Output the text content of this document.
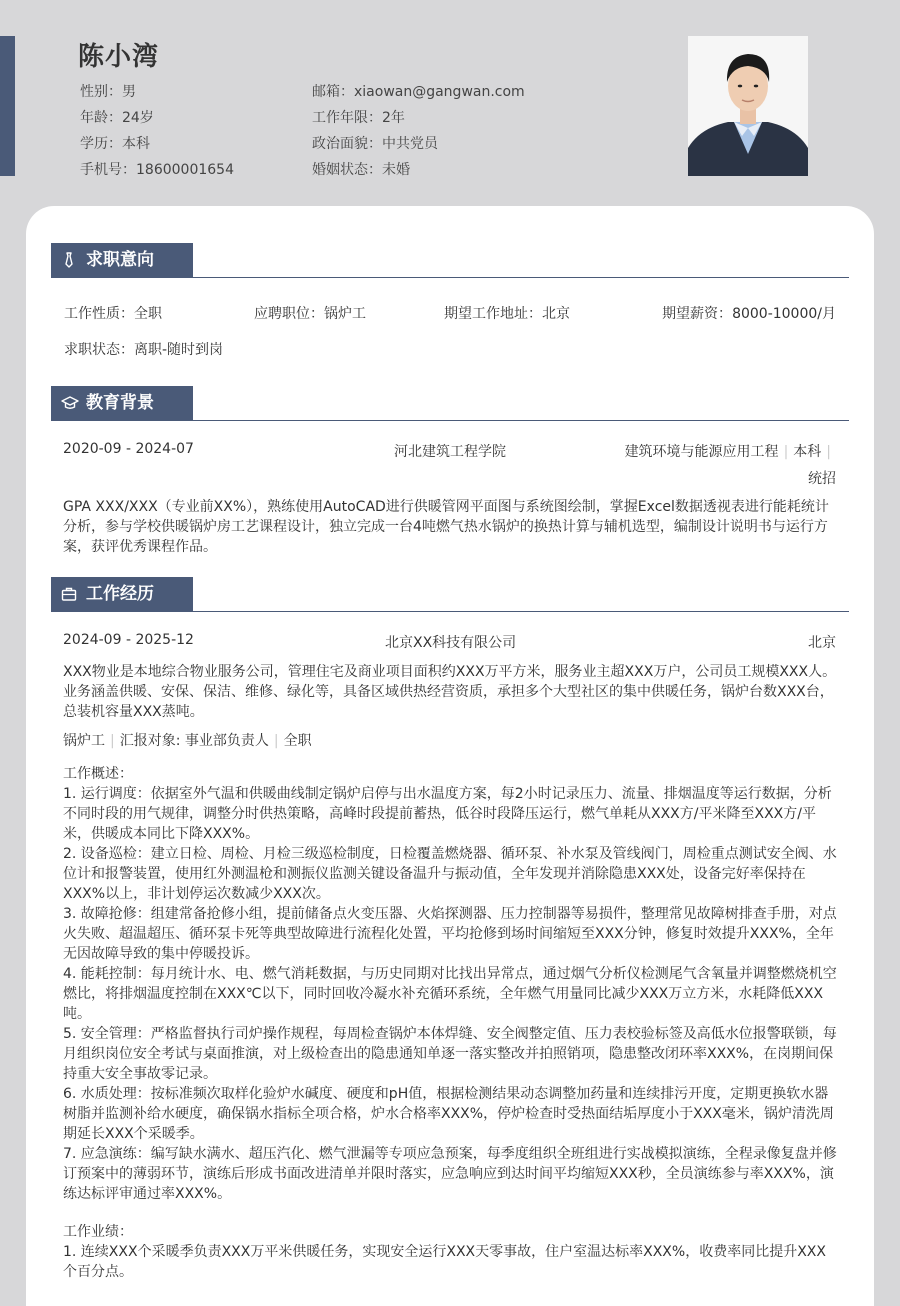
陈小湾
性别：男
年龄：24岁
学历：本科
手机号：18600001654
邮箱：xiaowan@gangwan.com
工作年限：2年
政治面貌：中共党员
婚姻状态：未婚
求职意向
工作性质：全职	应聘职位：锅炉工	期望工作地址：北京	期望薪资：8000-10000/月
求职状态：离职-随时到岗
教育背景
2020-09 - 2024-07	河北建筑工程学院	建筑环境与能源应用工程 | 本科 |
统招
GPA XXX/XXX（专业前XX%），熟练使用AutoCAD进行供暖管网平面图与系统图绘制，掌握Excel数据透视表进行能耗统计分析，参与学校供暖锅炉房工艺课程设计，独立完成一台4吨燃气热水锅炉的换热计算与辅机选型，编制设计说明书与运行方案，获评优秀课程作品。
工作经历
2024-09 - 2025-12	北京XX科技有限公司	北京
XXX物业是本地综合物业服务公司，管理住宅及商业项目面积约XXX万平方米，服务业主超XXX万户，公司员工规模XXX人。业务涵盖供暖、安保、保洁、维修、绿化等，具备区域供热经营资质，承担多个大型社区的集中供暖任务，锅炉台数XXX台，总装机容量XXX蒸吨。
锅炉工 | 汇报对象: 事业部负责人 | 全职
工作概述：
1. 运行调度：依据室外气温和供暖曲线制定锅炉启停与出水温度方案，每2小时记录压力、流量、排烟温度等运行数据，分析不同时段的用气规律，调整分时供热策略，高峰时段提前蓄热，低谷时段降压运行，燃气单耗从XXX方/平米降至XXX方/平米，供暖成本同比下降XXX%。
2. 设备巡检：建立日检、周检、月检三级巡检制度，日检覆盖燃烧器、循环泵、补水泵及管线阀门，周检重点测试安全阀、水位计和报警装置，使用红外测温枪和测振仪监测关键设备温升与振动值，全年发现并消除隐患XXX处，设备完好率保持在XXX%以上，非计划停运次数减少XXX次。
3. 故障抢修：组建常备抢修小组，提前储备点火变压器、火焰探测器、压力控制器等易损件，整理常见故障树排查手册，对点火失败、超温超压、循环泵卡死等典型故障进行流程化处置，平均抢修到场时间缩短至XXX分钟，修复时效提升XXX%，全年无因故障导致的集中停暖投诉。
4. 能耗控制：每月统计水、电、燃气消耗数据，与历史同期对比找出异常点，通过烟气分析仪检测尾气含氧量并调整燃烧机空燃比，将排烟温度控制在XXX℃以下，同时回收冷凝水补充循环系统，全年燃气用量同比减少XXX万立方米，水耗降低XXX吨。
5. 安全管理：严格监督执行司炉操作规程，每周检查锅炉本体焊缝、安全阀整定值、压力表校验标签及高低水位报警联锁，每月组织岗位安全考试与桌面推演，对上级检查出的隐患通知单逐一落实整改并拍照销项，隐患整改闭环率XXX%，在岗期间保持重大安全事故零记录。
6. 水质处理：按标准频次取样化验炉水碱度、硬度和pH值，根据检测结果动态调整加药量和连续排污开度，定期更换软水器树脂并监测补给水硬度，确保锅水指标全项合格，炉水合格率XXX%，停炉检查时受热面结垢厚度小于XXX毫米，锅炉清洗周期延长XXX个采暖季。
7. 应急演练：编写缺水满水、超压汽化、燃气泄漏等专项应急预案，每季度组织全班组进行实战模拟演练，全程录像复盘并修订预案中的薄弱环节，演练后形成书面改进清单并限时落实，应急响应到达时间平均缩短XXX秒，全员演练参与率XXX%，演练达标评审通过率XXX%。
工作业绩：
1. 连续XXX个采暖季负责XXX万平米供暖任务，实现安全运行XXX天零事故，住户室温达标率XXX%，收费率同比提升XXX个百分点。
